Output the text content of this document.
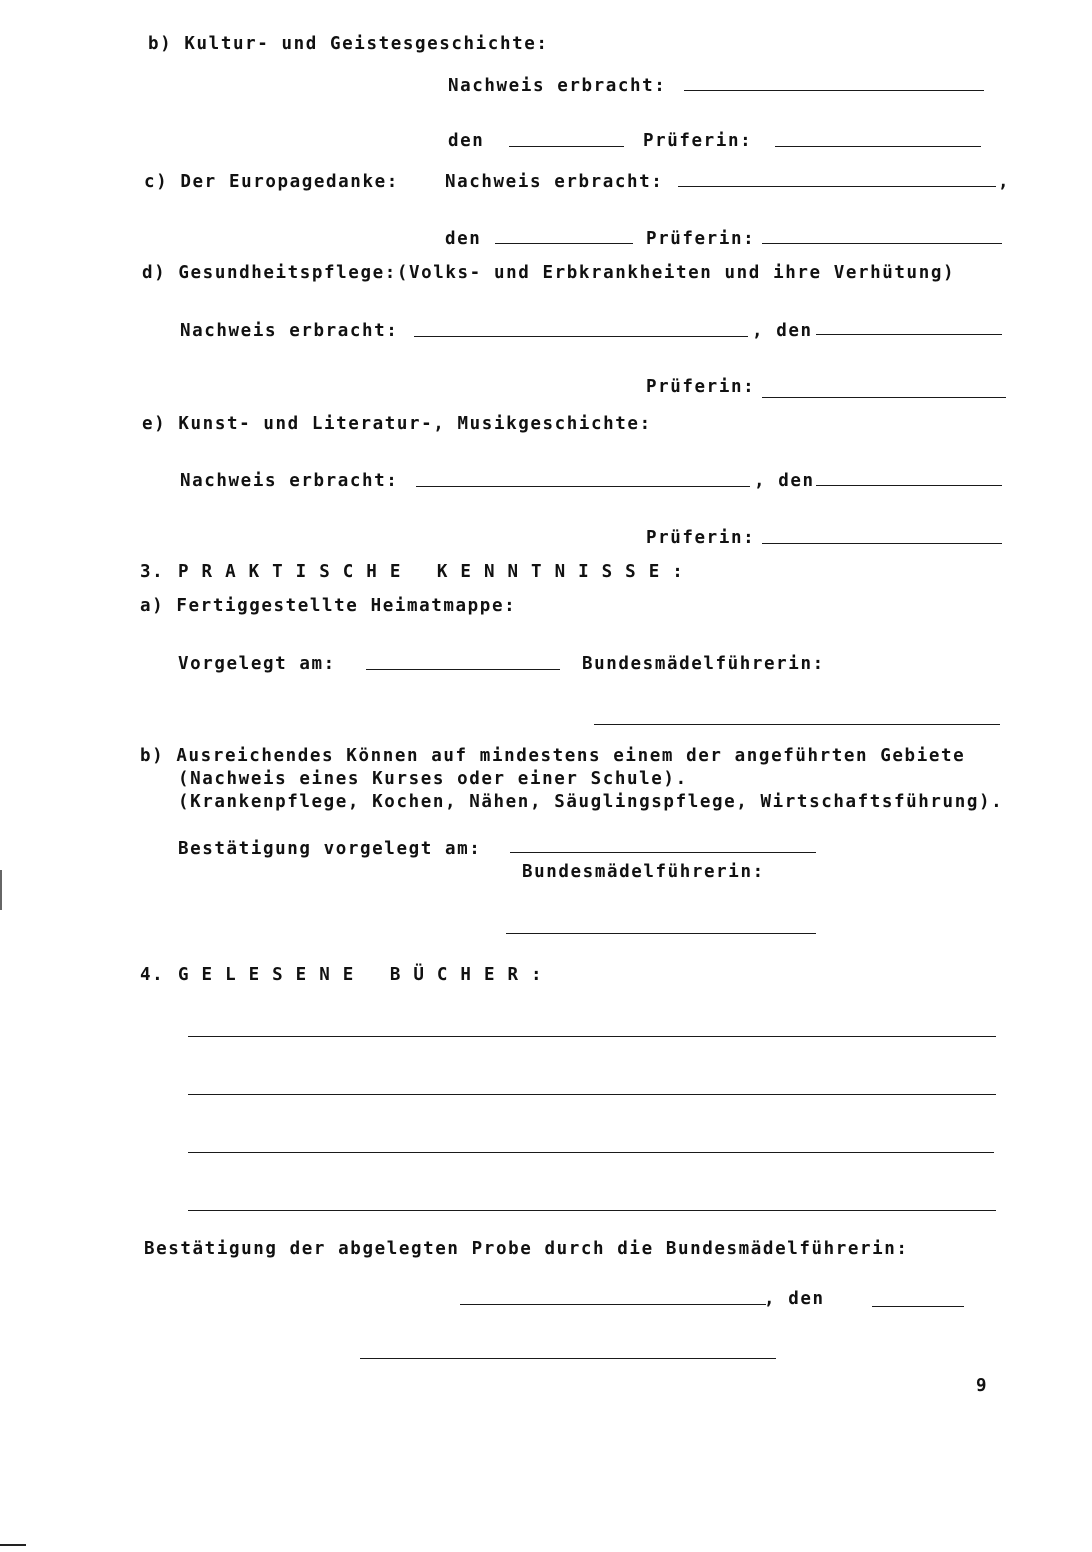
b) Kultur- und Geistesgeschichte:
Nachweis erbracht:
den	Prüferin:
c) Der Europagedanke:	Nachweis erbracht:	,
den	Prüferin:
d) Gesundheitspflege:(Volks- und Erbkrankheiten und ihre Verhütung)
Nachweis erbracht:	, den
Prüferin:
e) Kunst- und Literatur-, Musikgeschichte:
Nachweis erbracht:	, den
Prüferin:
3. PRAKTISCHE KENNTNISSE:
a) Fertiggestellte Heimatmappe:
Vorgelegt am:	Bundesmädelführerin:
b) Ausreichendes Können auf mindestens einem der angeführten Gebiete
(Nachweis eines Kurses oder einer Schule).
(Krankenpflege, Kochen, Nähen, Säuglingspflege, Wirtschaftsführung).
Bestätigung vorgelegt am:
Bundesmädelführerin:
4. GELESENE BÜCHER:
Bestätigung der abgelegten Probe durch die Bundesmädelführerin:
, den
9
